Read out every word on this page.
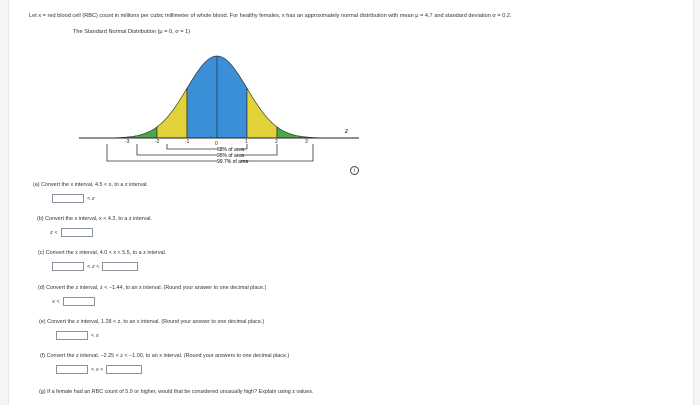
Let x = red blood cell (RBC) count in millions per cubic millimeter of whole blood. For healthy females, x has an approximately normal distribution with mean μ = 4.7 and standard deviation σ = 0.2.
The Standard Normal Distribution (μ = 0, σ = 1)
z
-3	-2	-1	0	1	2	3
68% of area
95% of area
99.7% of area
i
(a) Convert the x interval, 4.5 < x, to a z interval.
< z
(b) Convert the x interval, x < 4.2, to a z interval.
z <
(c) Convert the x interval, 4.0 < x < 5.5, to a z interval.
< z <
(d) Convert the z interval, z < −1.44, to an x interval. (Round your answer to one decimal place.)
x <
(e) Convert the z interval, 1.28 < z, to an x interval. (Round your answer to one decimal place.)
< x
(f) Convert the z interval, −2.25 < z < −1.00, to an x interval. (Round your answers to one decimal place.)
< x <
(g) If a female had an RBC count of 5.9 or higher, would that be considered unusually high? Explain using z values.
